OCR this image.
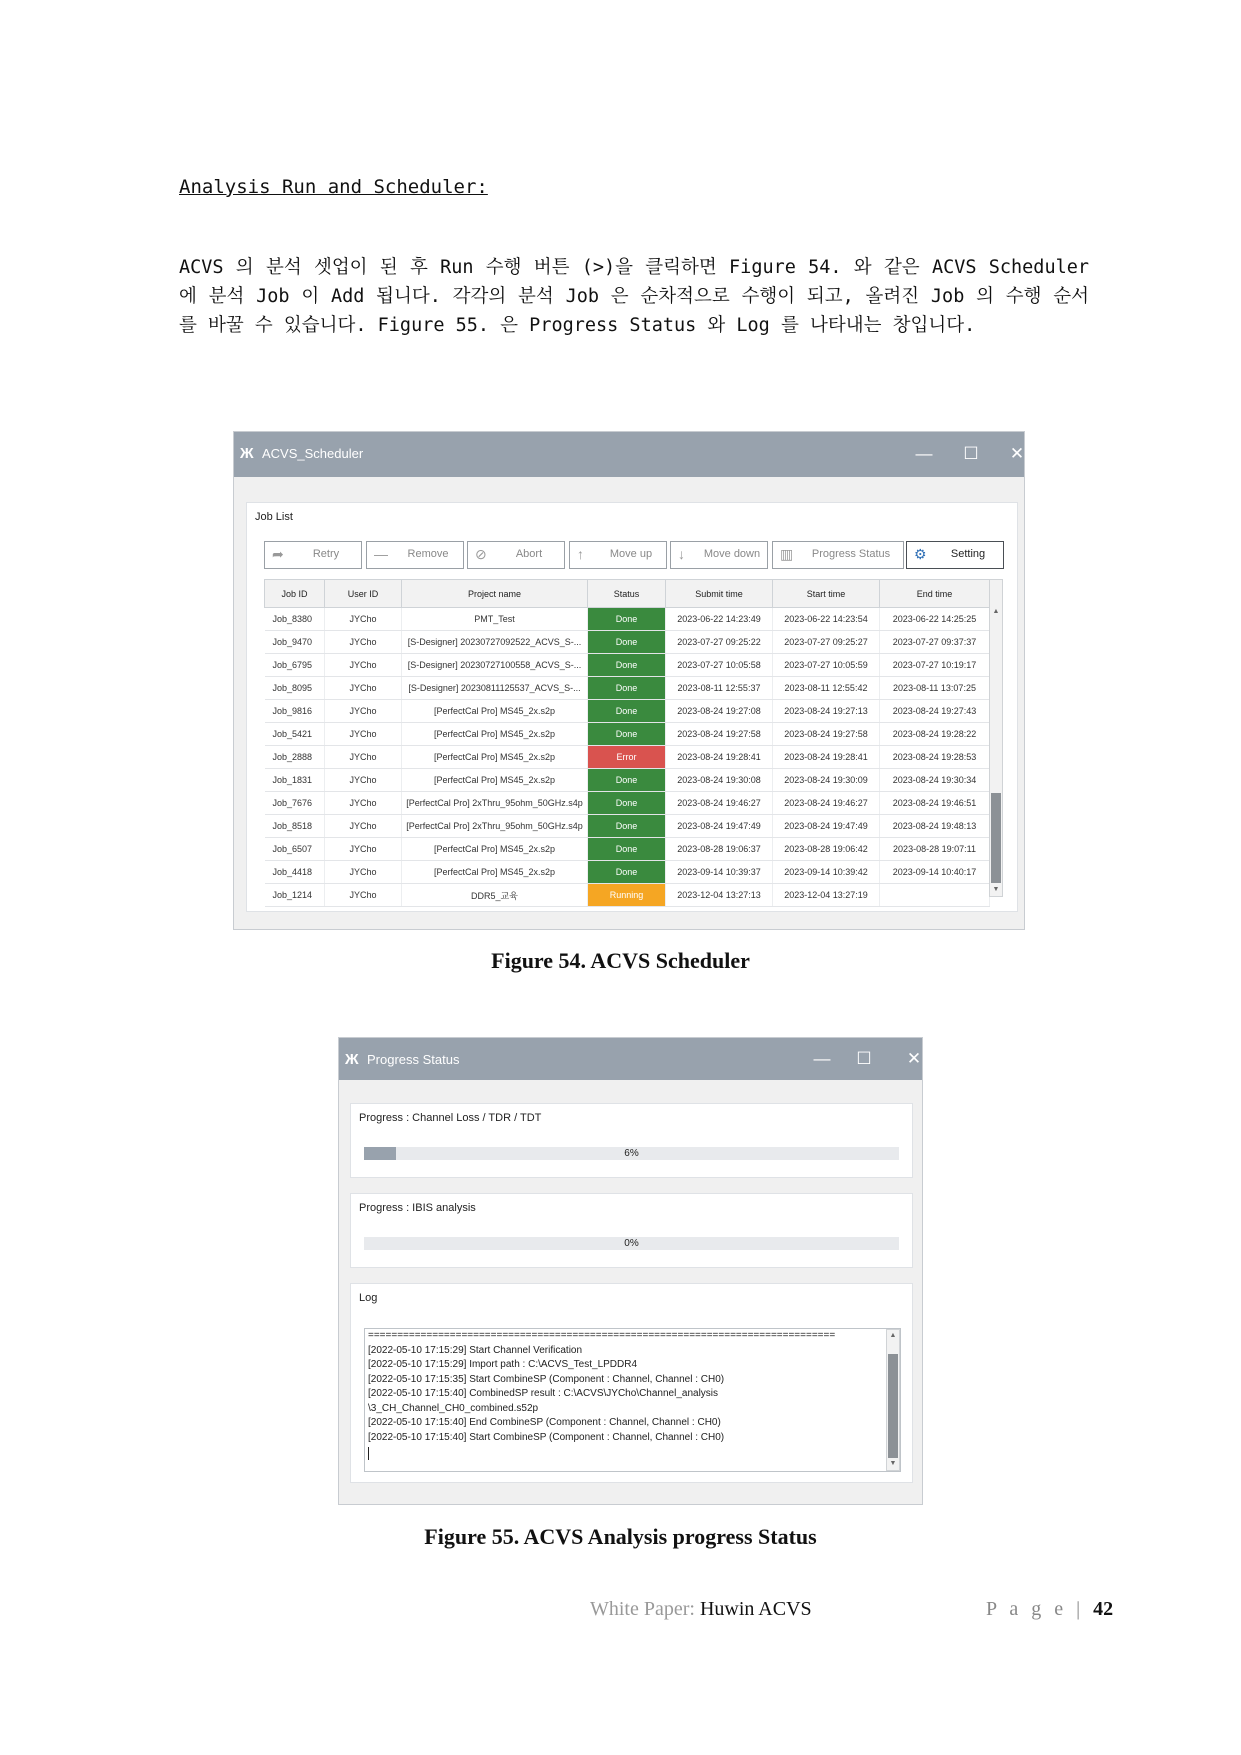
Analysis Run and Scheduler:
ACVS 의 분석 셋업이 된 후 Run 수행 버튼 (>)을 클릭하면 Figure 54. 와 같은 ACVS Scheduler 에 분석 Job 이 Add 됩니다. 각각의 분석 Job 은 순차적으로 수행이 되고, 올려진 Job 의 수행 순서를 바꿀 수 있습니다. Figure 55. 은 Progress Status 와 Log 를 나타내는 창입니다.
Ж ACVS_Scheduler	—	☐	✕
Job List
➦	Retry	—	Remove	⊘	Abort	↑	Move up	↓	Move down	▥	Progress Status	⚙	Setting
Job ID	User ID	Project name	Status	Submit time	Start time	End time
Job_8380	JYCho	PMT_Test	Done	2023-06-22 14:23:49	2023-06-22 14:23:54	2023-06-22 14:25:25
Job_9470	JYCho	[S-Designer] 20230727092522_ACVS_S-...	Done	2023-07-27 09:25:22	2023-07-27 09:25:27	2023-07-27 09:37:37
Job_6795	JYCho	[S-Designer] 20230727100558_ACVS_S-...	Done	2023-07-27 10:05:58	2023-07-27 10:05:59	2023-07-27 10:19:17
Job_8095	JYCho	[S-Designer] 20230811125537_ACVS_S-...	Done	2023-08-11 12:55:37	2023-08-11 12:55:42	2023-08-11 13:07:25
Job_9816	JYCho	[PerfectCal Pro] MS45_2x.s2p	Done	2023-08-24 19:27:08	2023-08-24 19:27:13	2023-08-24 19:27:43
Job_5421	JYCho	[PerfectCal Pro] MS45_2x.s2p	Done	2023-08-24 19:27:58	2023-08-24 19:27:58	2023-08-24 19:28:22
Job_2888	JYCho	[PerfectCal Pro] MS45_2x.s2p	Error	2023-08-24 19:28:41	2023-08-24 19:28:41	2023-08-24 19:28:53
Job_1831	JYCho	[PerfectCal Pro] MS45_2x.s2p	Done	2023-08-24 19:30:08	2023-08-24 19:30:09	2023-08-24 19:30:34
Job_7676	JYCho	[PerfectCal Pro] 2xThru_95ohm_50GHz.s4p	Done	2023-08-24 19:46:27	2023-08-24 19:46:27	2023-08-24 19:46:51
Job_8518	JYCho	[PerfectCal Pro] 2xThru_95ohm_50GHz.s4p	Done	2023-08-24 19:47:49	2023-08-24 19:47:49	2023-08-24 19:48:13
Job_6507	JYCho	[PerfectCal Pro] MS45_2x.s2p	Done	2023-08-28 19:06:37	2023-08-28 19:06:42	2023-08-28 19:07:11
Job_4418	JYCho	[PerfectCal Pro] MS45_2x.s2p	Done	2023-09-14 10:39:37	2023-09-14 10:39:42	2023-09-14 10:40:17
Job_1214	JYCho	DDR5_교육	Running	2023-12-04 13:27:13	2023-12-04 13:27:19	
▲
▼
Figure 54. ACVS Scheduler
Ж Progress Status	—	☐	✕
Progress : Channel Loss / TDR / TDT
6%
Progress : IBIS analysis
0%
Log
================================================================================
[2022-05-10 17:15:29] Start Channel Verification
[2022-05-10 17:15:29] Import path : C:\ACVS_Test_LPDDR4
[2022-05-10 17:15:35] Start CombineSP (Component : Channel, Channel : CH0)
[2022-05-10 17:15:40] CombinedSP result : C:\ACVS\JYCho\Channel_analysis
\3_CH_Channel_CH0_combined.s52p
[2022-05-10 17:15:40] End CombineSP (Component : Channel, Channel : CH0)
[2022-05-10 17:15:40] Start CombineSP (Component : Channel, Channel : CH0)
▲
▼
Figure 55. ACVS Analysis progress Status
White Paper: Huwin ACVS	P a g e | 42
